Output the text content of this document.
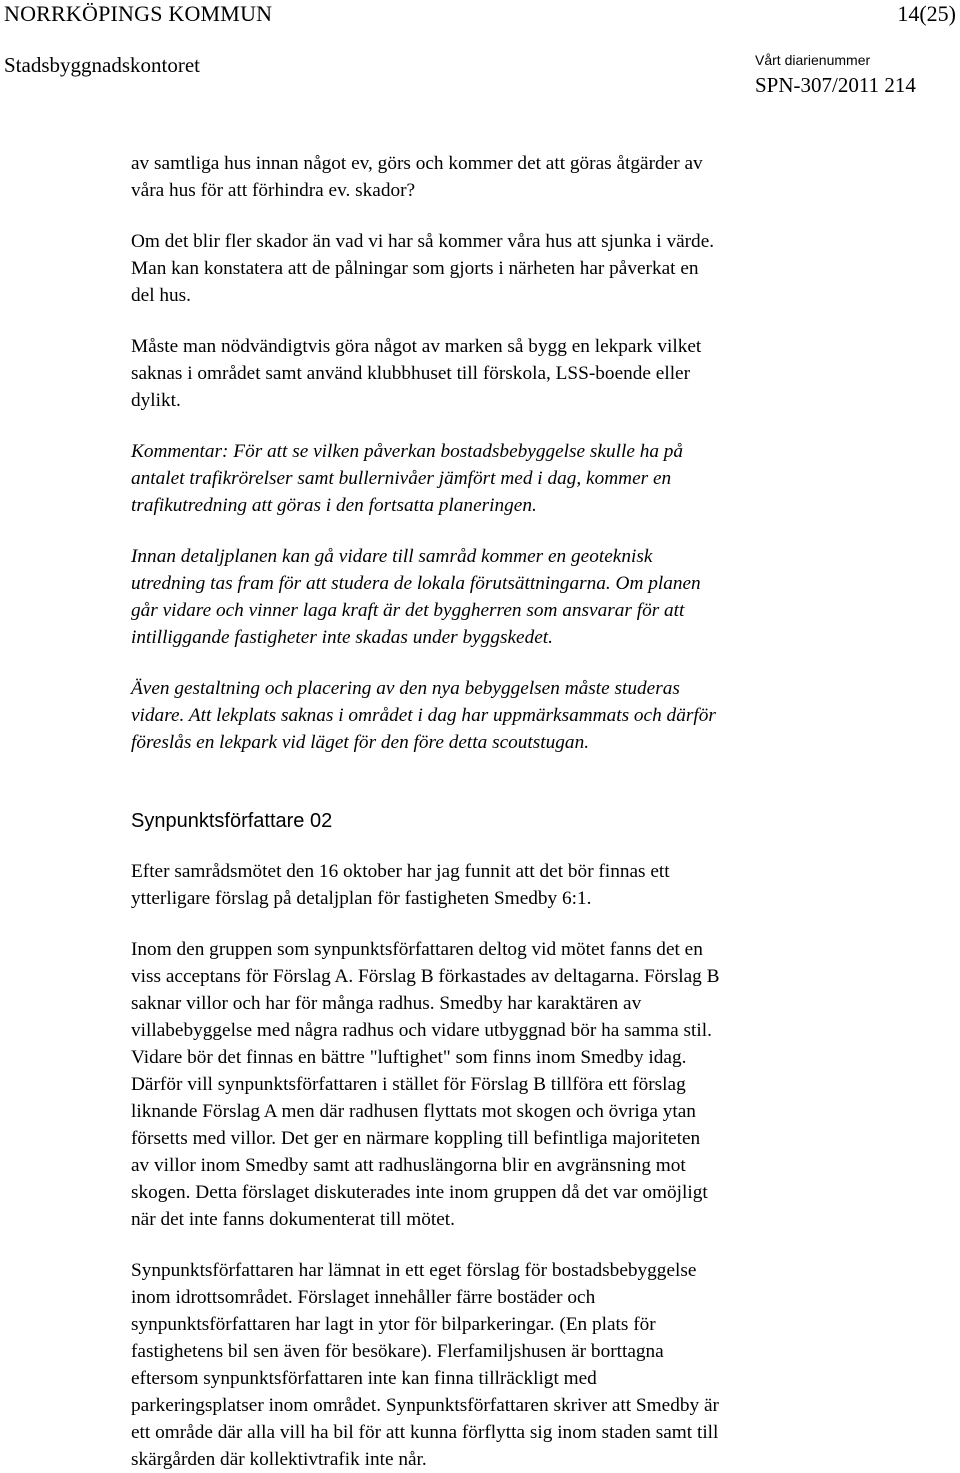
NORRKÖPINGS KOMMUN	14(25)
Stadsbyggnadskontoret	Vårt diarienummer
SPN-307/2011 214

av samtliga hus innan något ev, görs och kommer det att göras åtgärder av
våra hus för att förhindra ev. skador?

Om det blir fler skador än vad vi har så kommer våra hus att sjunka i värde.
Man kan konstatera att de pålningar som gjorts i närheten har påverkat en
del hus.

Måste man nödvändigtvis göra något av marken så bygg en lekpark vilket
saknas i området samt använd klubbhuset till förskola, LSS-boende eller
dylikt.

Kommentar: För att se vilken påverkan bostadsbebyggelse skulle ha på
antalet trafikrörelser samt bullernivåer jämfört med i dag, kommer en
trafikutredning att göras i den fortsatta planeringen.

Innan detaljplanen kan gå vidare till samråd kommer en geoteknisk
utredning tas fram för att studera de lokala förutsättningarna. Om planen
går vidare och vinner laga kraft är det byggherren som ansvarar för att
intilliggande fastigheter inte skadas under byggskedet.

Även gestaltning och placering av den nya bebyggelsen måste studeras
vidare. Att lekplats saknas i området i dag har uppmärksammats och därför
föreslås en lekpark vid läget för den före detta scoutstugan.

Synpunktsförfattare 02

Efter samrådsmötet den 16 oktober har jag funnit att det bör finnas ett
ytterligare förslag på detaljplan för fastigheten Smedby 6:1.

Inom den gruppen som synpunktsförfattaren deltog vid mötet fanns det en
viss acceptans för Förslag A. Förslag B förkastades av deltagarna. Förslag B
saknar villor och har för många radhus. Smedby har karaktären av
villabebyggelse med några radhus och vidare utbyggnad bör ha samma stil.
Vidare bör det finnas en bättre "luftighet" som finns inom Smedby idag.
Därför vill synpunktsförfattaren i stället för Förslag B tillföra ett förslag
liknande Förslag A men där radhusen flyttats mot skogen och övriga ytan
försetts med villor. Det ger en närmare koppling till befintliga majoriteten
av villor inom Smedby samt att radhuslängorna blir en avgränsning mot
skogen. Detta förslaget diskuterades inte inom gruppen då det var omöjligt
när det inte fanns dokumenterat till mötet.

Synpunktsförfattaren har lämnat in ett eget förslag för bostadsbebyggelse
inom idrottsområdet. Förslaget innehåller färre bostäder och
synpunktsförfattaren har lagt in ytor för bilparkeringar. (En plats för
fastighetens bil sen även för besökare). Flerfamiljshusen är borttagna
eftersom synpunktsförfattaren inte kan finna tillräckligt med
parkeringsplatser inom området. Synpunktsförfattaren skriver att Smedby är
ett område där alla vill ha bil för att kunna förflytta sig inom staden samt till
skärgården där kollektivtrafik inte når.
